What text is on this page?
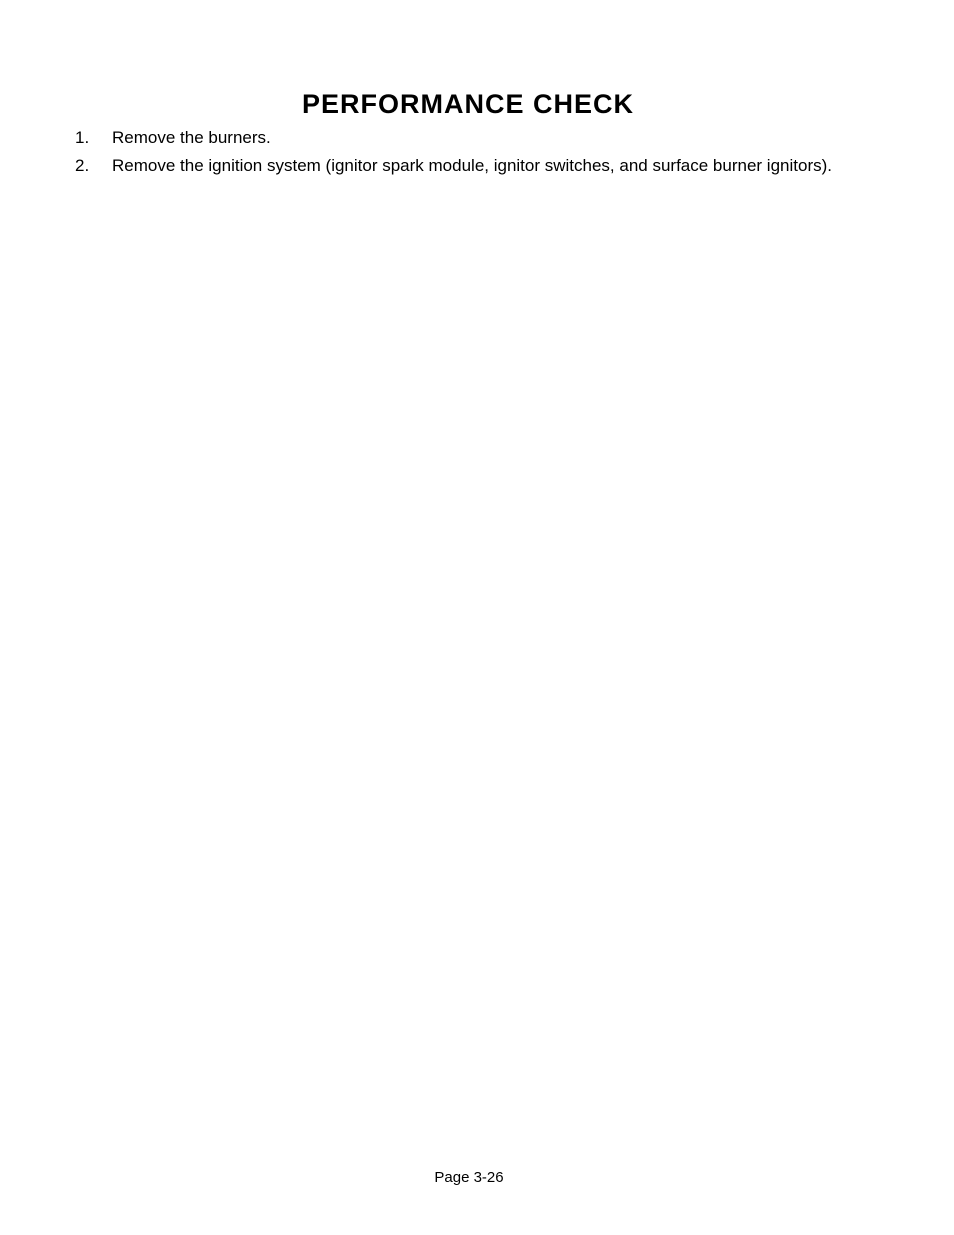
PERFORMANCE CHECK
1.	Remove the burners.
2.	Remove the ignition system (ignitor spark module, ignitor switches, and surface burner ignitors).
Page 3-26
